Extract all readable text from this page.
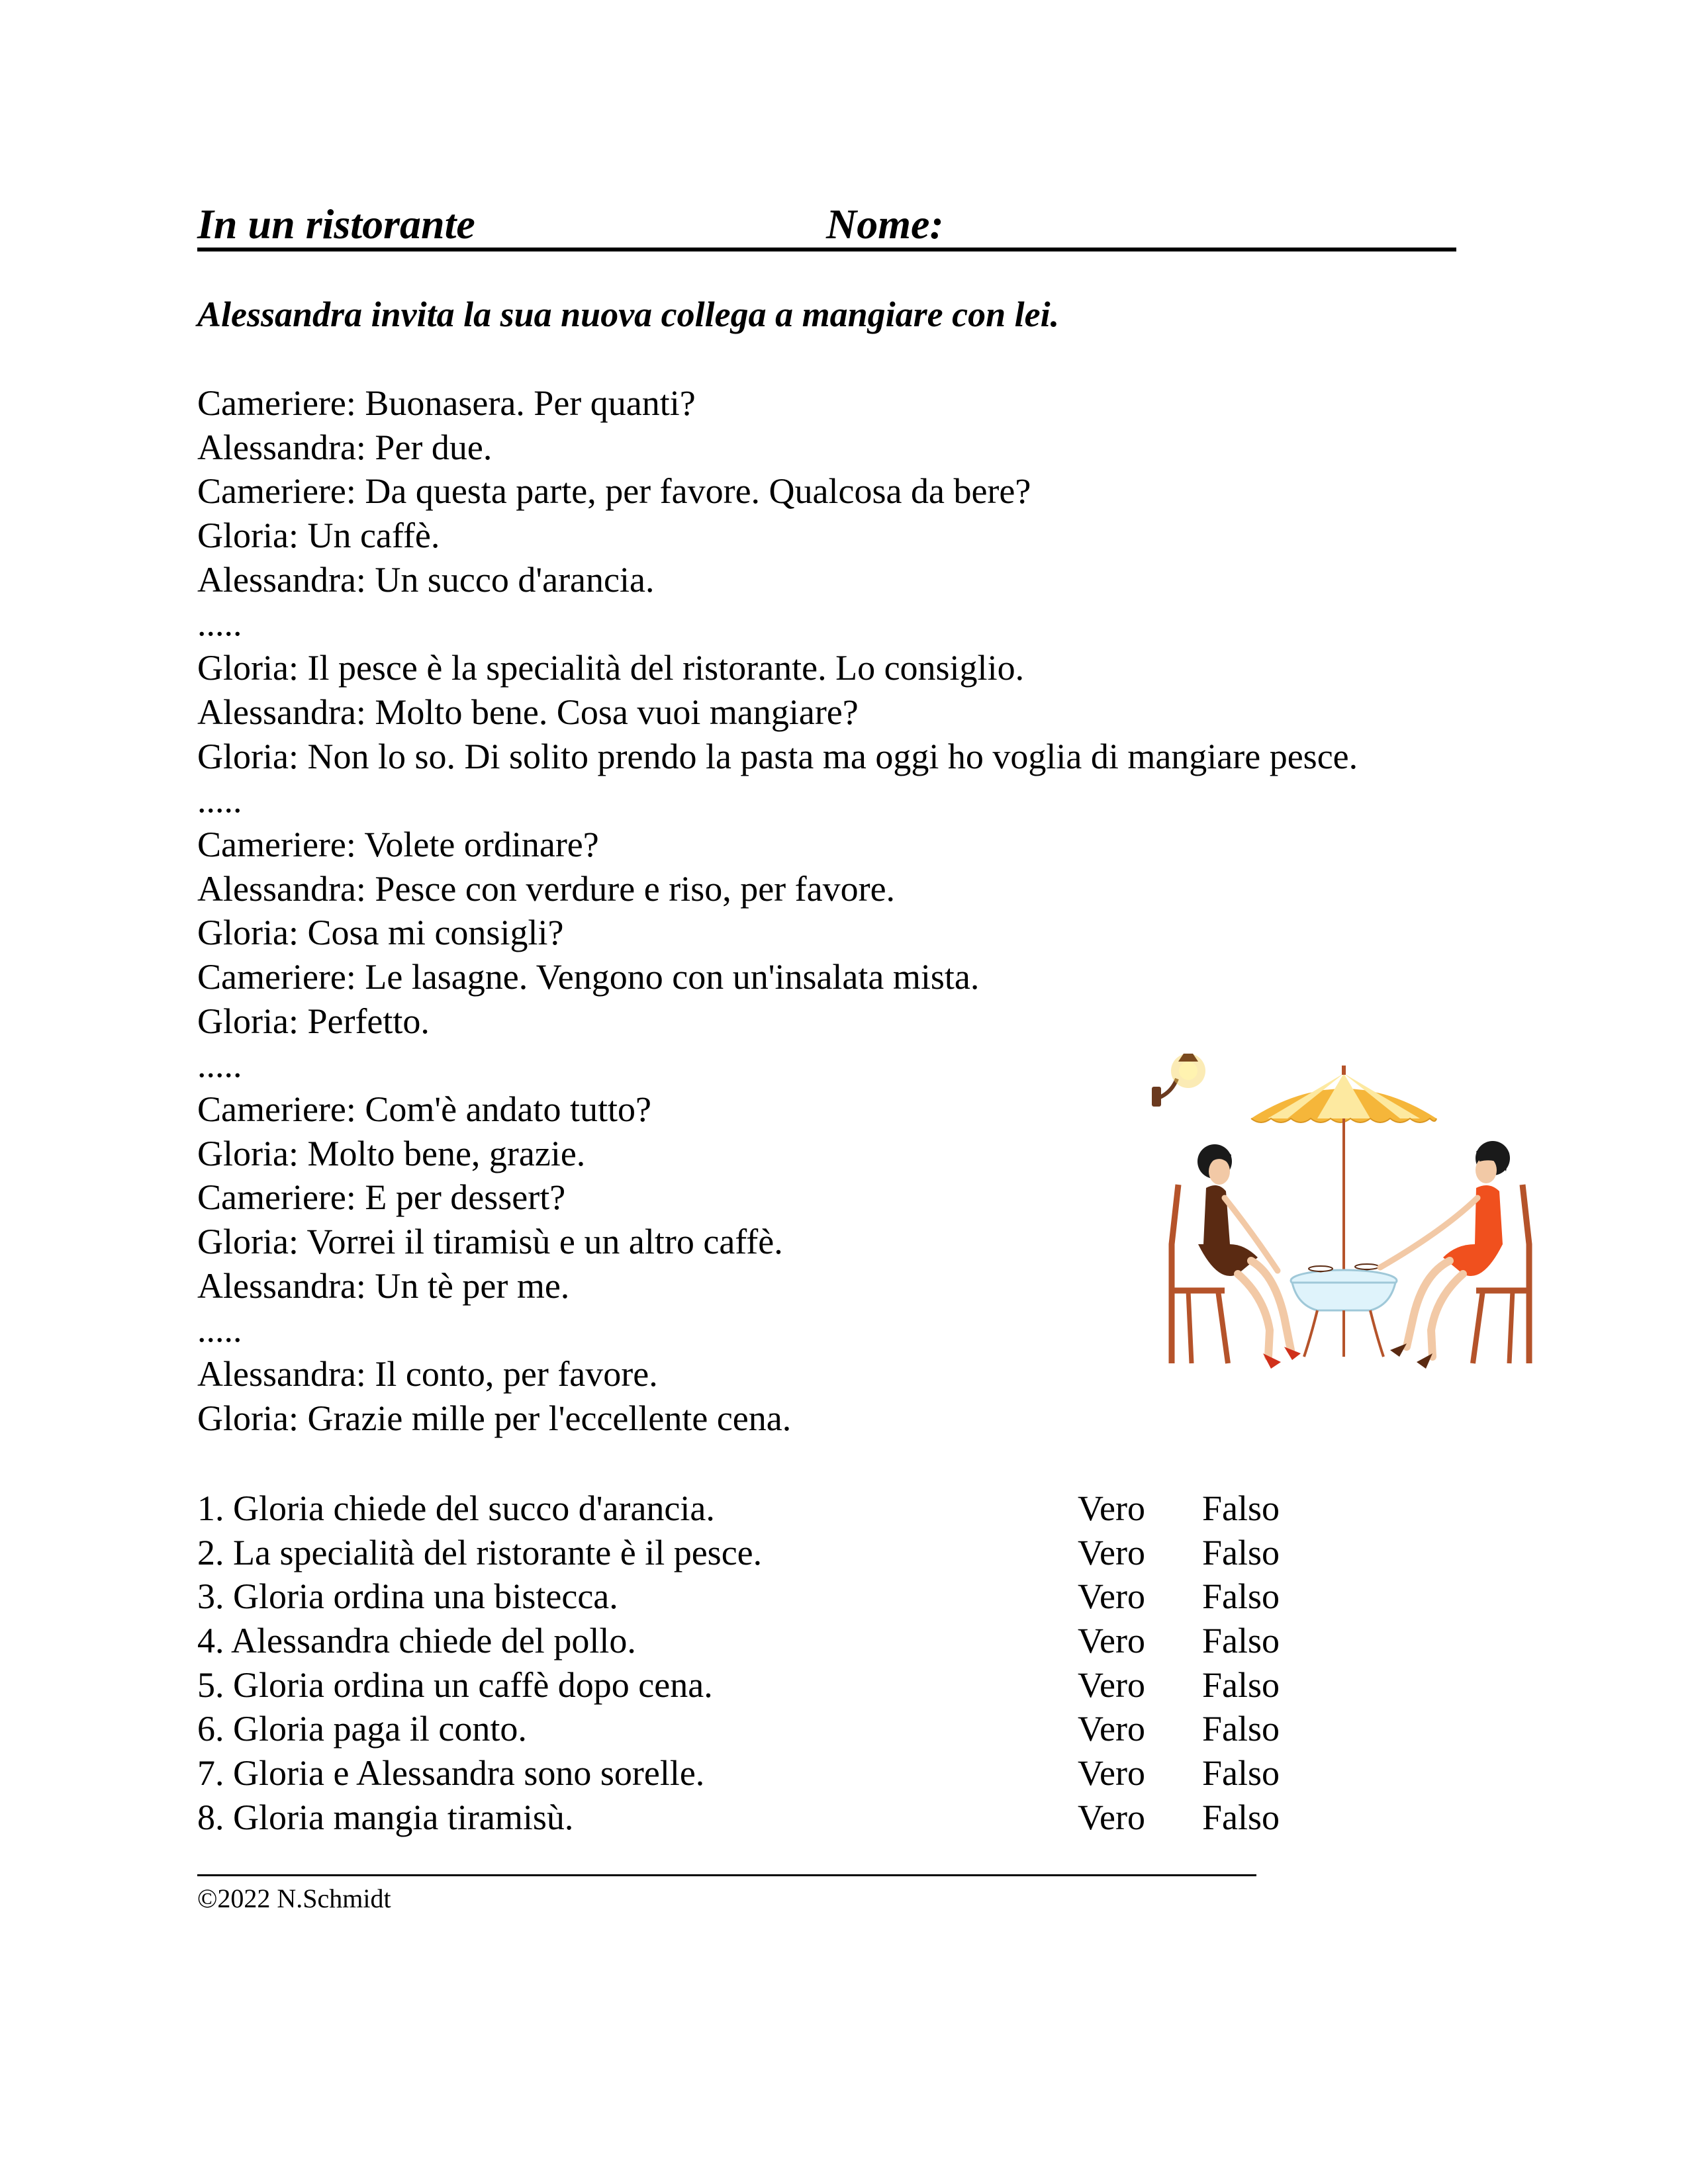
In un ristorante	Nome:
Alessandra invita la sua nuova collega a mangiare con lei.
Cameriere: Buonasera. Per quanti?
Alessandra: Per due.
Cameriere: Da questa parte, per favore. Qualcosa da bere?
Gloria: Un caffè.
Alessandra: Un succo d'arancia.
.....
Gloria: Il pesce è la specialità del ristorante. Lo consiglio.
Alessandra: Molto bene. Cosa vuoi mangiare?
Gloria: Non lo so. Di solito prendo la pasta ma oggi ho voglia di mangiare pesce.
.....
Cameriere: Volete ordinare?
Alessandra: Pesce con verdure e riso, per favore.
Gloria: Cosa mi consigli?
Cameriere: Le lasagne. Vengono con un'insalata mista.
Gloria: Perfetto.
.....
Cameriere: Com'è andato tutto?
Gloria: Molto bene, grazie.
Cameriere: E per dessert?
Gloria: Vorrei il tiramisù e un altro caffè.
Alessandra: Un tè per me.
.....
Alessandra: Il conto, per favore.
Gloria: Grazie mille per l'eccellente cena.
1. Gloria chiede del succo d'arancia.	Vero Falso
2. La specialità del ristorante è il pesce.	Vero Falso
3. Gloria ordina una bistecca.	Vero Falso
4. Alessandra chiede del pollo.	Vero Falso
5. Gloria ordina un caffè dopo cena.	Vero Falso
6. Gloria paga il conto.	Vero Falso
7. Gloria e Alessandra sono sorelle.	Vero Falso
8. Gloria mangia tiramisù.	Vero Falso
©2022 N.Schmidt
